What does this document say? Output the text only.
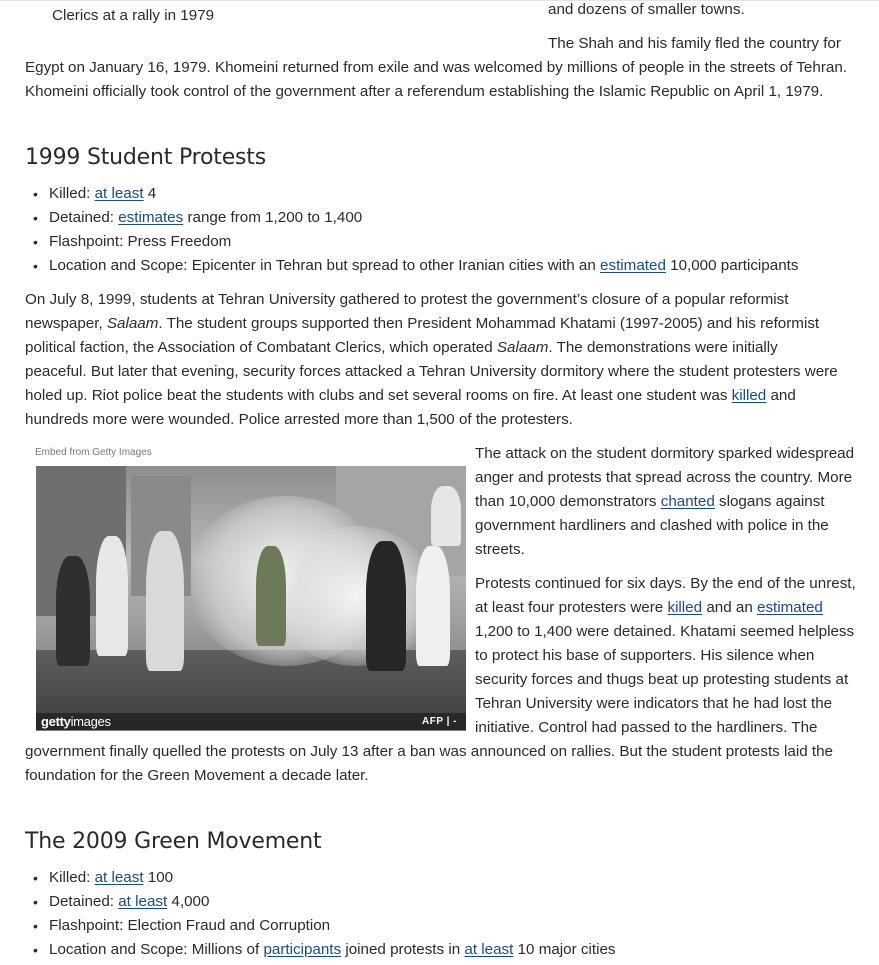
Clerics at a rally in 1979	and dozens of smaller towns.
The Shah and his family fled the country for
Egypt on January 16, 1979. Khomeini returned from exile and was welcomed by millions of people in the streets of Tehran.
Khomeini officially took control of the government after a referendum establishing the Islamic Republic on April 1, 1979.
1999 Student Protests
• Killed: at least 4
• Detained: estimates range from 1,200 to 1,400
• Flashpoint: Press Freedom
• Location and Scope: Epicenter in Tehran but spread to other Iranian cities with an estimated 10,000 participants
On July 8, 1999, students at Tehran University gathered to protest the government’s closure of a popular reformist
newspaper, Salaam. The student groups supported then President Mohammad Khatami (1997-2005) and his reformist
political faction, the Association of Combatant Clerics, which operated Salaam. The demonstrations were initially
peaceful. But later that evening, security forces attacked a Tehran University dormitory where the student protesters were
holed up. Riot police beat the students with clubs and set several rooms on fire. At least one student was killed and
hundreds more were wounded. Police arrested more than 1,500 of the protesters.
Embed from Getty Images
gettyimages	AFP | -
The attack on the student dormitory sparked widespread
anger and protests that spread across the country. More
than 10,000 demonstrators chanted slogans against
government hardliners and clashed with police in the
streets.
Protests continued for six days. By the end of the unrest,
at least four protesters were killed and an estimated
1,200 to 1,400 were detained. Khatami seemed helpless
to protect his base of supporters. His silence when
security forces and thugs beat up protesting students at
Tehran University were indicators that he had lost the
initiative. Control had passed to the hardliners. The
government finally quelled the protests on July 13 after a ban was announced on rallies. But the student protests laid the
foundation for the Green Movement a decade later.
The 2009 Green Movement
• Killed: at least 100
• Detained: at least 4,000
• Flashpoint: Election Fraud and Corruption
• Location and Scope: Millions of participants joined protests in at least 10 major cities
